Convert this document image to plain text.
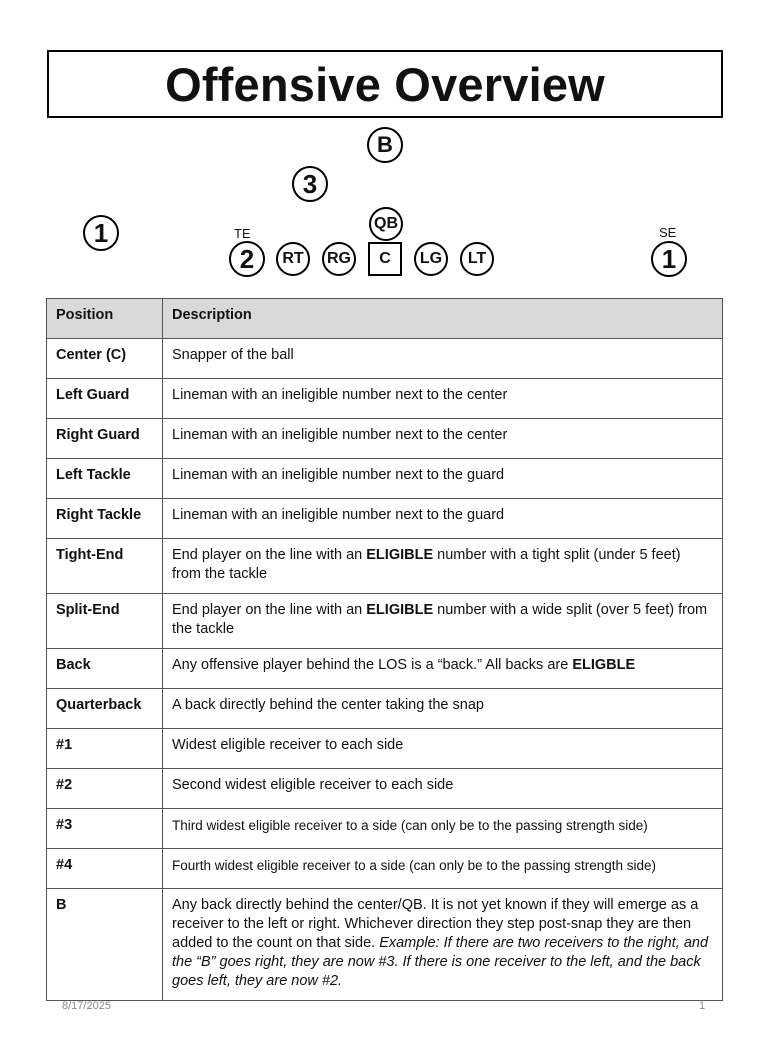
Offensive Overview
B
3
1	QB
TE	SE
2	RT	RG	C	LG	LT	1
Position	Description
Center (C)	Snapper of the ball
Left Guard	Lineman with an ineligible number next to the center
Right Guard	Lineman with an ineligible number next to the center
Left Tackle	Lineman with an ineligible number next to the guard
Right Tackle	Lineman with an ineligible number next to the guard
Tight-End	End player on the line with an ELIGIBLE number with a tight split (under 5 feet) from the tackle
Split-End	End player on the line with an ELIGIBLE number with a wide split (over 5 feet) from the tackle
Back	Any offensive player behind the LOS is a “back.” All backs are ELIGBLE
Quarterback	A back directly behind the center taking the snap
#1	Widest eligible receiver to each side
#2	Second widest eligible receiver to each side
#3	Third widest eligible receiver to a side (can only be to the passing strength side)
#4	Fourth widest eligible receiver to a side (can only be to the passing strength side)
B	Any back directly behind the center/QB. It is not yet known if they will emerge as a receiver to the left or right. Whichever direction they step post-snap they are then added to the count on that side. Example: If there are two receivers to the right, and the “B” goes right, they are now #3. If there is one receiver to the left, and the back goes left, they are now #2.
8/17/2025	1
